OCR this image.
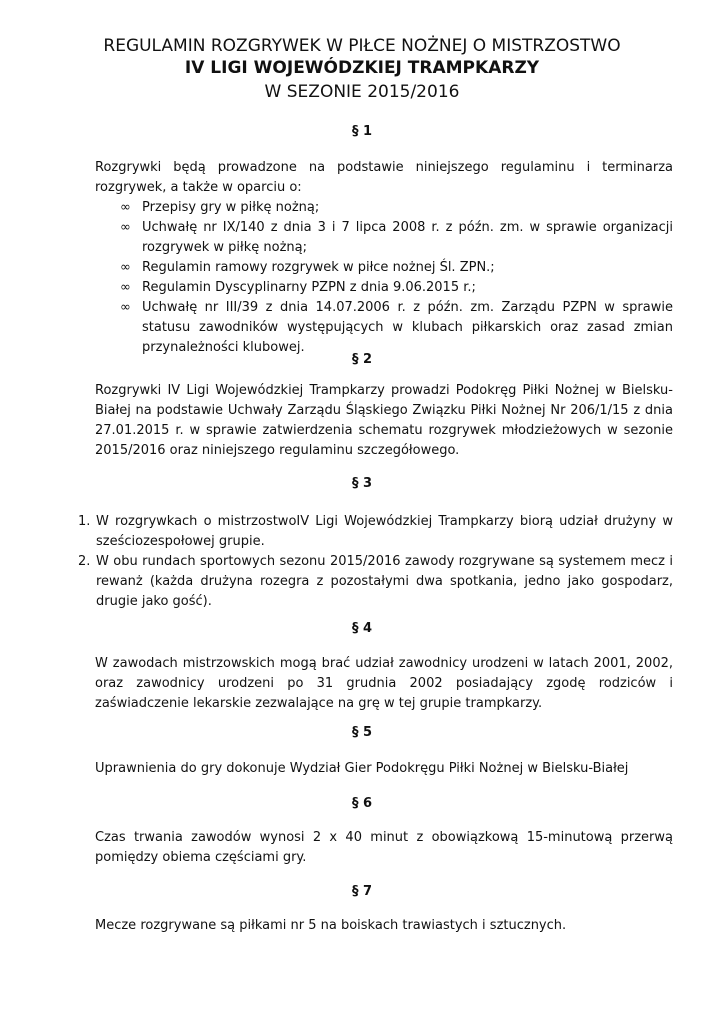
REGULAMIN ROZGRYWEK W PIŁCE NOŻNEJ O MISTRZOSTWO
IV LIGI WOJEWÓDZKIEJ TRAMPKARZY
W SEZONIE 2015/2016
§ 1
Rozgrywki będą prowadzone na podstawie niniejszego regulaminu i terminarza rozgrywek, a także w oparciu o:
∞ Przepisy gry w piłkę nożną;
∞ Uchwałę nr IX/140 z dnia 3 i 7 lipca 2008 r. z późn. zm. w sprawie organizacji rozgrywek w piłkę nożną;
∞ Regulamin ramowy rozgrywek w piłce nożnej Śl. ZPN.;
∞ Regulamin Dyscyplinarny PZPN z dnia 9.06.2015 r.;
∞ Uchwałę nr III/39 z dnia 14.07.2006 r. z późn. zm. Zarządu PZPN w sprawie statusu zawodników występujących w klubach piłkarskich oraz zasad zmian przynależności klubowej.
§ 2
Rozgrywki IV Ligi Wojewódzkiej Trampkarzy prowadzi Podokręg Piłki Nożnej w Bielsku-Białej na podstawie Uchwały Zarządu Śląskiego Związku Piłki Nożnej Nr 206/1/15 z dnia 27.01.2015 r. w sprawie zatwierdzenia schematu rozgrywek młodzieżowych w sezonie 2015/2016 oraz niniejszego regulaminu szczegółowego.
§ 3
1. W rozgrywkach o mistrzostwoIV Ligi Wojewódzkiej Trampkarzy biorą udział drużyny w sześciozespołowej grupie.
2. W obu rundach sportowych sezonu 2015/2016 zawody rozgrywane są systemem mecz i rewanż (każda drużyna rozegra z pozostałymi dwa spotkania, jedno jako gospodarz, drugie jako gość).
§ 4
W zawodach mistrzowskich mogą brać udział zawodnicy urodzeni w latach 2001, 2002, oraz zawodnicy urodzeni po 31 grudnia 2002 posiadający zgodę rodziców i zaświadczenie lekarskie zezwalające na grę w tej grupie trampkarzy.
§ 5
Uprawnienia do gry dokonuje Wydział Gier Podokręgu Piłki Nożnej w Bielsku-Białej
§ 6
Czas trwania zawodów wynosi 2 x 40 minut z obowiązkową 15-minutową przerwą pomiędzy obiema częściami gry.
§ 7
Mecze rozgrywane są piłkami nr 5 na boiskach trawiastych i sztucznych.
